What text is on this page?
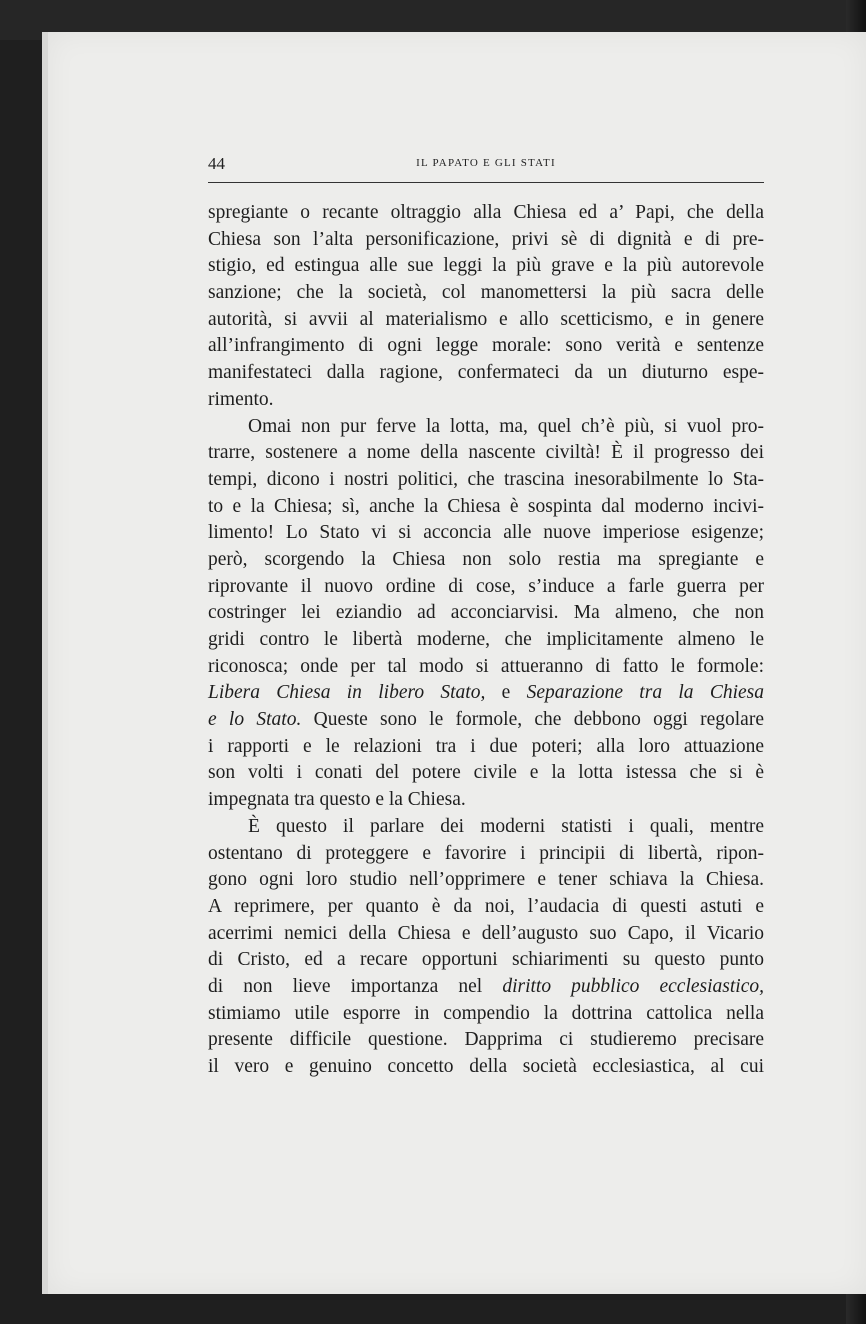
44	IL PAPATO E GLI STATI
spregiante o recante oltraggio alla Chiesa ed a’ Papi, che della
Chiesa son l’alta personificazione, privi sè di dignità e di pre-
stigio, ed estingua alle sue leggi la più grave e la più autorevole
sanzione; che la società, col manomettersi la più sacra delle
autorità, si avvii al materialismo e allo scetticismo, e in genere
all’infrangimento di ogni legge morale: sono verità e sentenze
manifestateci dalla ragione, confermateci da un diuturno espe-
rimento.
Omai non pur ferve la lotta, ma, quel ch’è più, si vuol pro-
trarre, sostenere a nome della nascente civiltà! È il progresso dei
tempi, dicono i nostri politici, che trascina inesorabilmente lo Sta-
to e la Chiesa; sì, anche la Chiesa è sospinta dal moderno incivi-
limento! Lo Stato vi si acconcia alle nuove imperiose esigenze;
però, scorgendo la Chiesa non solo restia ma spregiante e
riprovante il nuovo ordine di cose, s’induce a farle guerra per
costringer lei eziandio ad acconciarvisi. Ma almeno, che non
gridi contro le libertà moderne, che implicitamente almeno le
riconosca; onde per tal modo si attueranno di fatto le formole:
Libera Chiesa in libero Stato, e Separazione tra la Chiesa
e lo Stato. Queste sono le formole, che debbono oggi regolare
i rapporti e le relazioni tra i due poteri; alla loro attuazione
son volti i conati del potere civile e la lotta istessa che si è
impegnata tra questo e la Chiesa.
È questo il parlare dei moderni statisti i quali, mentre
ostentano di proteggere e favorire i principii di libertà, ripon-
gono ogni loro studio nell’opprimere e tener schiava la Chiesa.
A reprimere, per quanto è da noi, l’audacia di questi astuti e
acerrimi nemici della Chiesa e dell’augusto suo Capo, il Vicario
di Cristo, ed a recare opportuni schiarimenti su questo punto
di non lieve importanza nel diritto pubblico ecclesiastico,
stimiamo utile esporre in compendio la dottrina cattolica nella
presente difficile questione. Dapprima ci studieremo precisare
il vero e genuino concetto della società ecclesiastica, al cui
